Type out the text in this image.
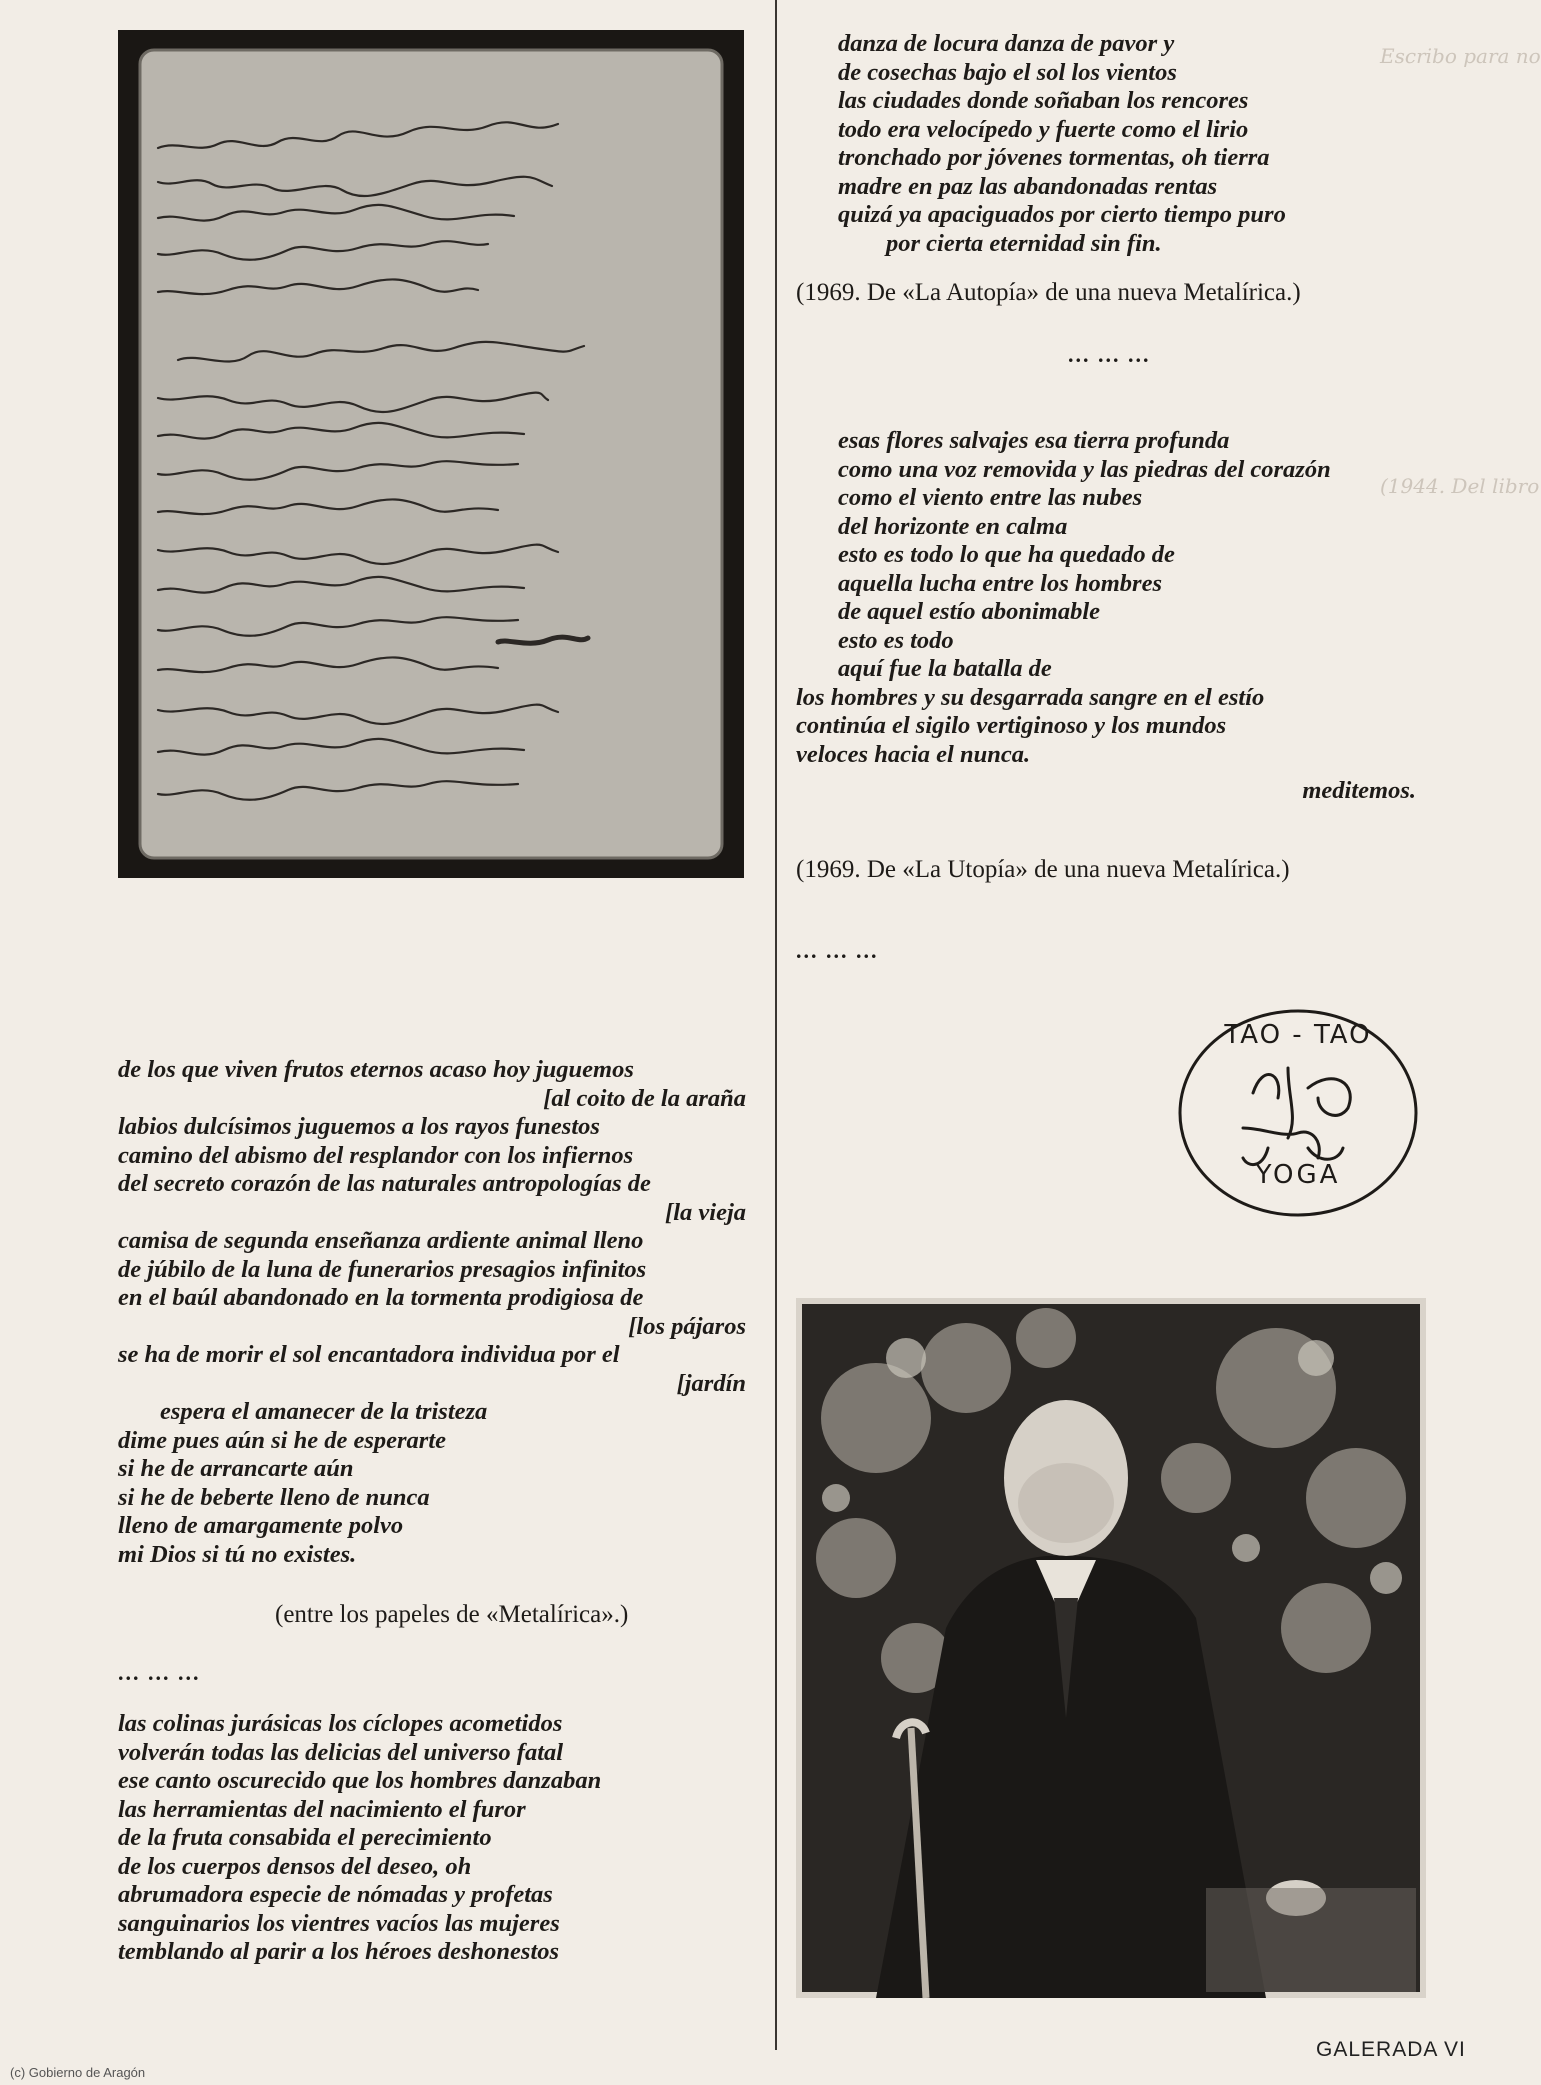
Escribo para no
(1944. Del libro
de los que viven frutos eternos acaso hoy juguemos
[al coito de la araña
labios dulcísimos juguemos a los rayos funestos
camino del abismo del resplandor con los infiernos
del secreto corazón de las naturales antropologías de
[la vieja
camisa de segunda enseñanza ardiente animal lleno
de júbilo de la luna de funerarios presagios infinitos
en el baúl abandonado en la tormenta prodigiosa de
[los pájaros
se ha de morir el sol encantadora individua por el
[jardín
espera el amanecer de la tristeza
dime pues aún si he de esperarte
si he de arrancarte aún
si he de beberte lleno de nunca
lleno de amargamente polvo
mi Dios si tú no existes.
(entre los papeles de «Metalírica».)
... ... ...
las colinas jurásicas los cíclopes acometidos
volverán todas las delicias del universo fatal
ese canto oscurecido que los hombres danzaban
las herramientas del nacimiento el furor
de la fruta consabida el perecimiento
de los cuerpos densos del deseo, oh
abrumadora especie de nómadas y profetas
sanguinarios los vientres vacíos las mujeres
temblando al parir a los héroes deshonestos
danza de locura danza de pavor y
de cosechas bajo el sol los vientos
las ciudades donde soñaban los rencores
todo era velocípedo y fuerte como el lirio
tronchado por jóvenes tormentas, oh tierra
madre en paz las abandonadas rentas
quizá ya apaciguados por cierto tiempo puro
por cierta eternidad sin fin.
(1969. De «La Autopía» de una nueva Metalírica.)
... ... ...
esas flores salvajes esa tierra profunda
como una voz removida y las piedras del corazón
como el viento entre las nubes
del horizonte en calma
esto es todo lo que ha quedado de
aquella lucha entre los hombres
de aquel estío abonimable
esto es todo
aquí fue la batalla de
los hombres y su desgarrada sangre en el estío
continúa el sigilo vertiginoso y los mundos
veloces hacia el nunca.
meditemos.
(1969. De «La Utopía» de una nueva Metalírica.)
... ... ...
TAO - TAO
YOGA
GALERADA VI
(c) Gobierno de Aragón
